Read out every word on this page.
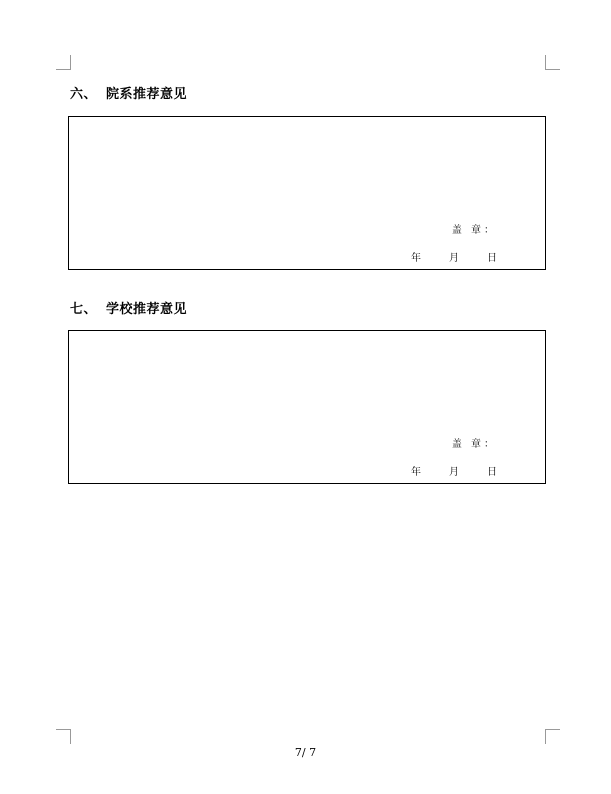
六、 院系推荐意见
盖 章：
年	月	日
七、 学校推荐意见
盖 章：
年	月	日
7/ 7
